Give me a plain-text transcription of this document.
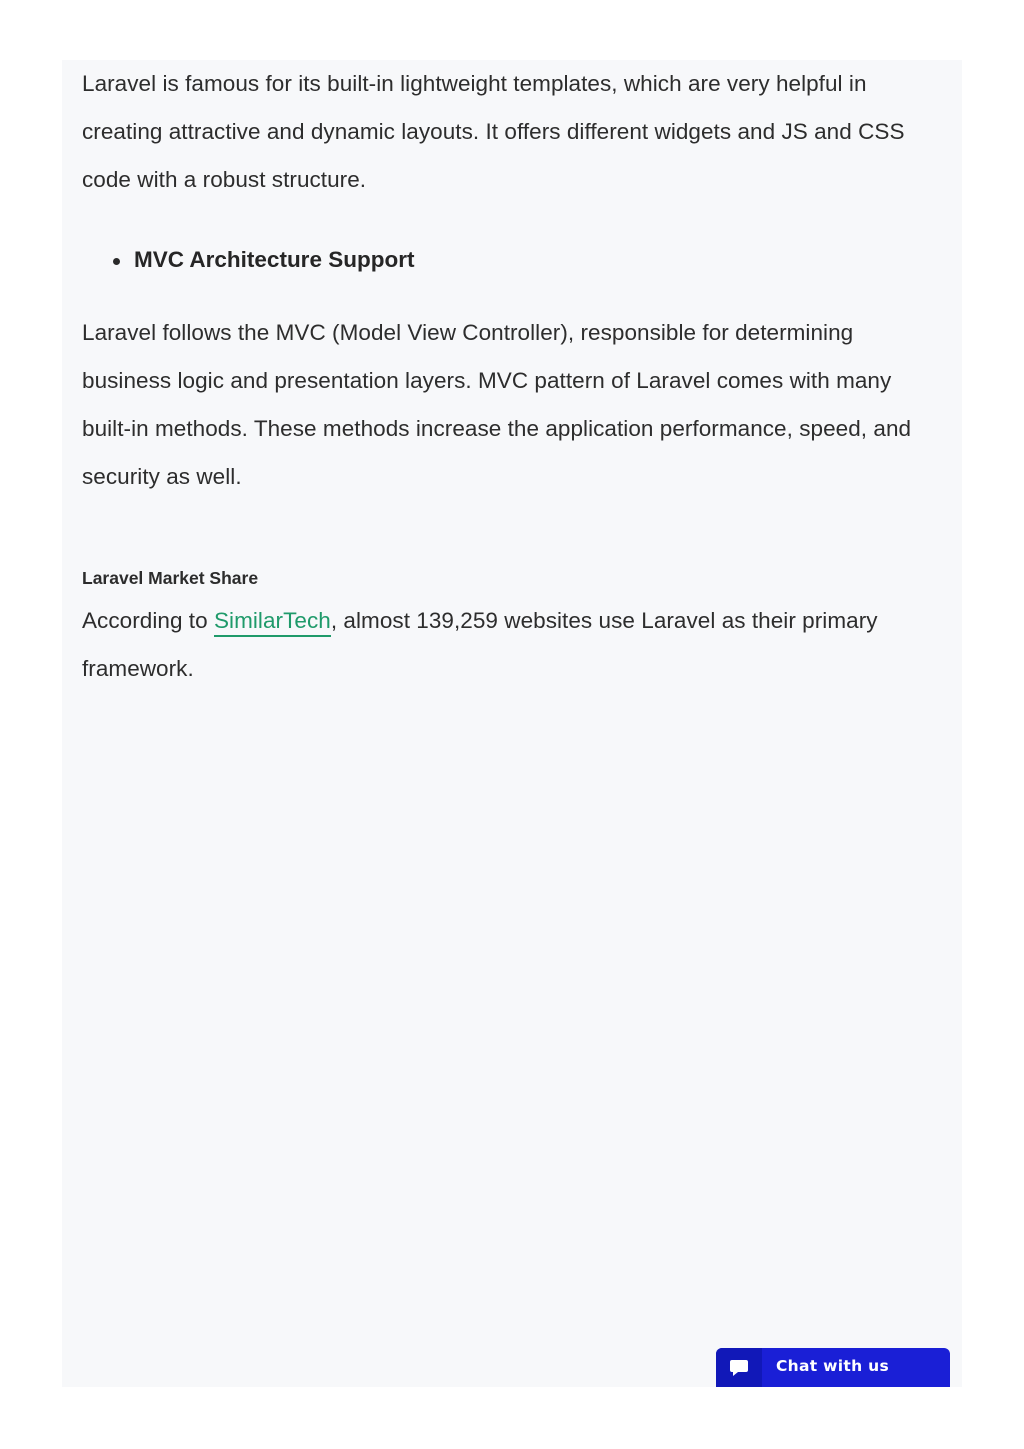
Laravel is famous for its built-in lightweight templates, which are very helpful in creating attractive and dynamic layouts. It offers different widgets and JS and CSS code with a robust structure.

MVC Architecture Support

Laravel follows the MVC (Model View Controller), responsible for determining business logic and presentation layers. MVC pattern of Laravel comes with many built-in methods. These methods increase the application performance, speed, and security as well.

Laravel Market Share

According to SimilarTech, almost 139,259 websites use Laravel as their primary framework.

Chat with us
